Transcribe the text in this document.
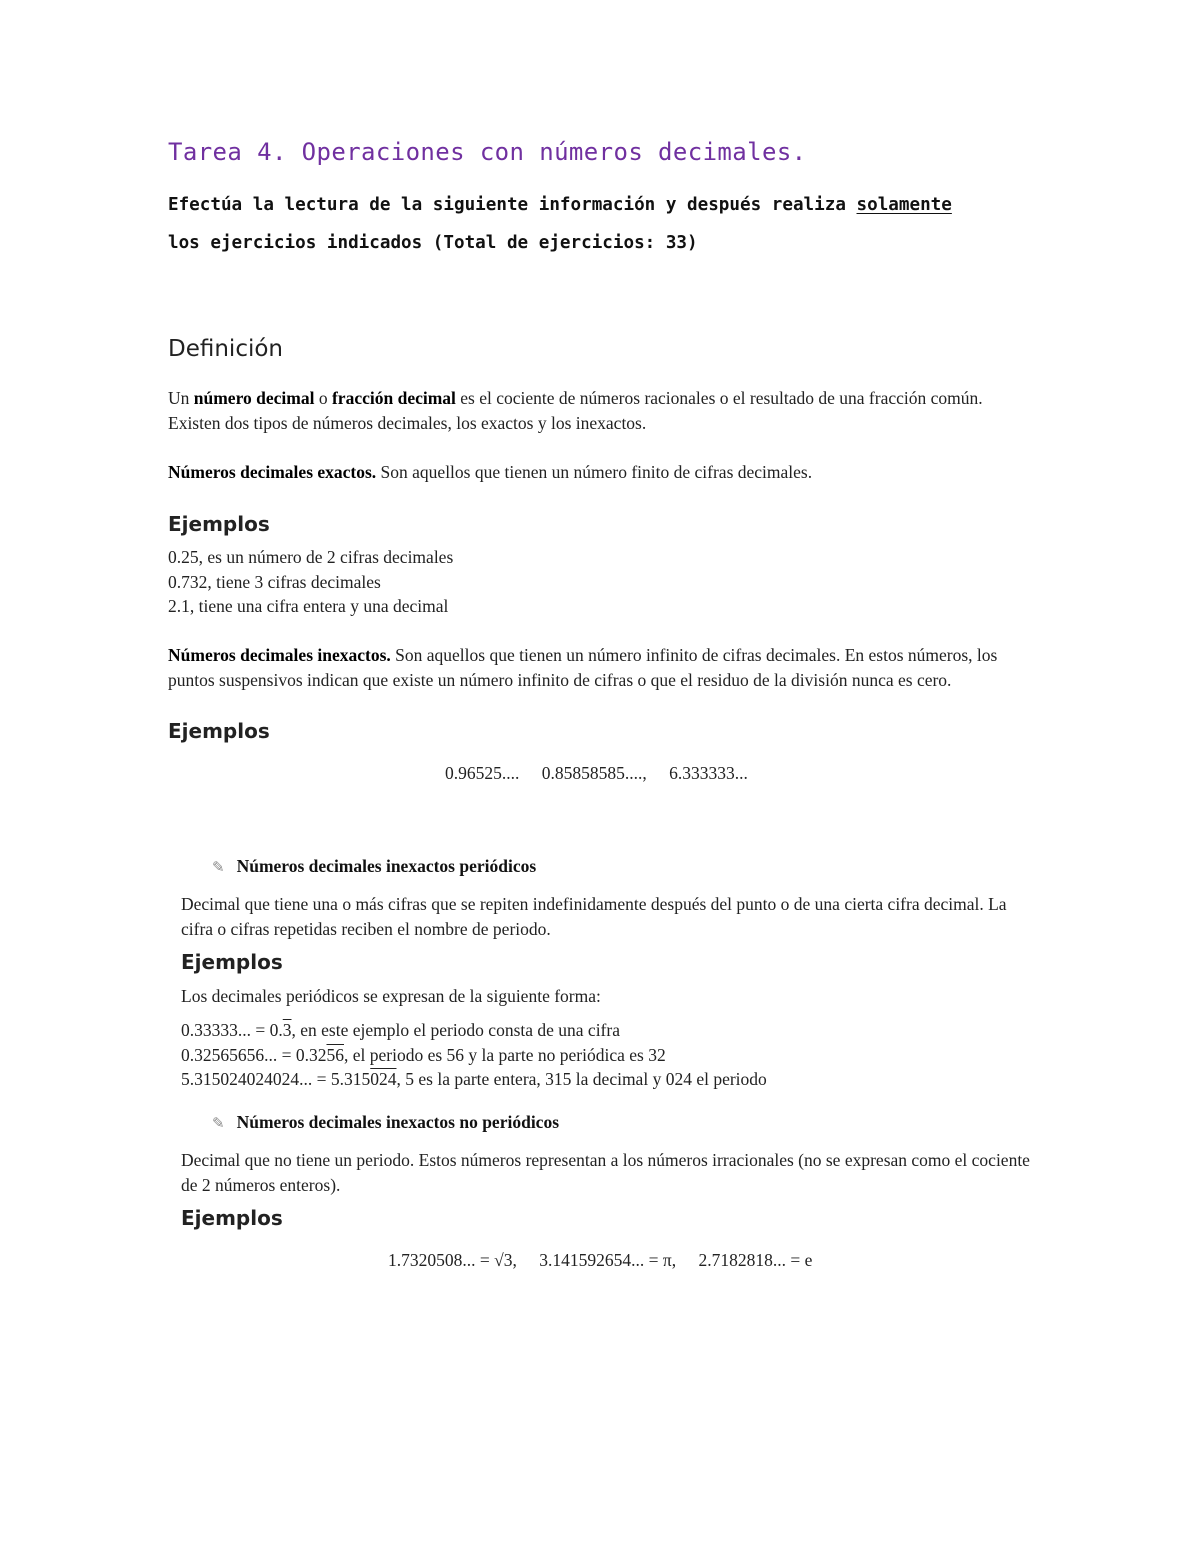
Tarea 4. Operaciones con números decimales.
Efectúa la lectura de la siguiente información y después realiza solamente
los ejercicios indicados (Total de ejercicios: 33)
Definición
Un número decimal o fracción decimal es el cociente de números racionales o el resultado de una fracción común. Existen dos tipos de números decimales, los exactos y los inexactos.
Números decimales exactos. Son aquellos que tienen un número finito de cifras decimales.
Ejemplos
0.25, es un número de 2 cifras decimales
0.732, tiene 3 cifras decimales
2.1, tiene una cifra entera y una decimal
Números decimales inexactos. Son aquellos que tienen un número infinito de cifras decimales. En estos números, los puntos suspensivos indican que existe un número infinito de cifras o que el residuo de la división nunca es cero.
Ejemplos
0.96525.... 0.85858585...., 6.333333...
✎ Números decimales inexactos periódicos
Decimal que tiene una o más cifras que se repiten indefinidamente después del punto o de una cierta cifra decimal. La cifra o cifras repetidas reciben el nombre de periodo.
Ejemplos
Los decimales periódicos se expresan de la siguiente forma:
0.33333... = 0.3, en este ejemplo el periodo consta de una cifra
0.32565656... = 0.3256, el periodo es 56 y la parte no periódica es 32
5.315024024024... = 5.315024, 5 es la parte entera, 315 la decimal y 024 el periodo
✎ Números decimales inexactos no periódicos
Decimal que no tiene un periodo. Estos números representan a los números irracionales (no se expresan como el cociente de 2 números enteros).
Ejemplos
1.7320508... = √3, 3.141592654... = π, 2.7182818... = e
